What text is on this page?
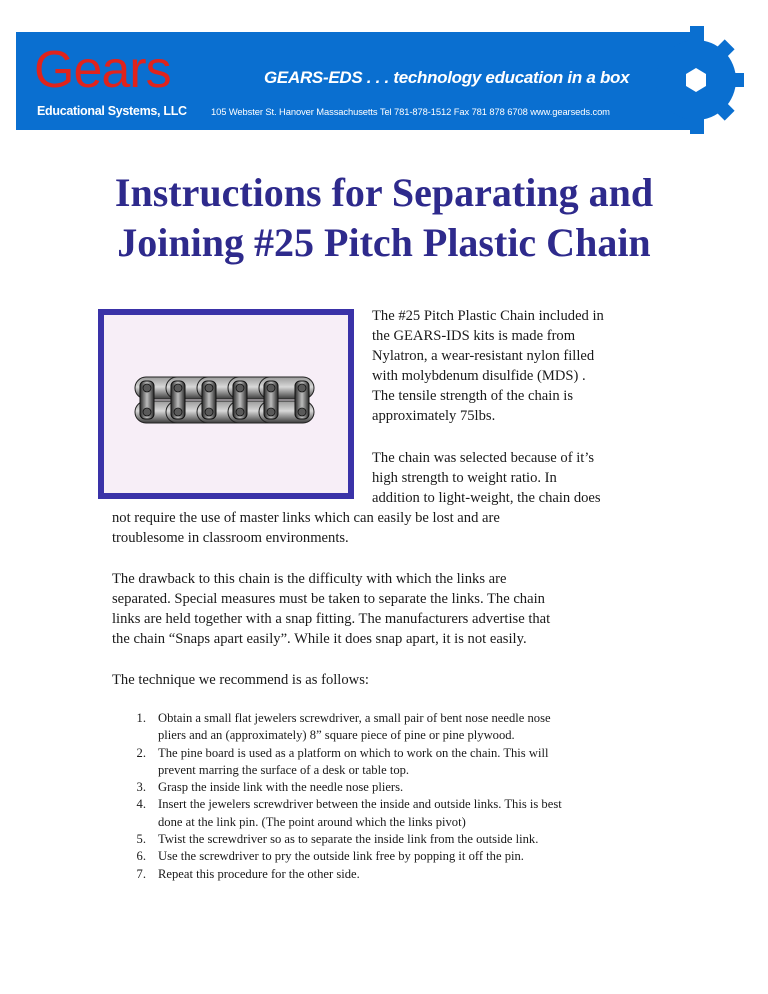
Gears
Educational Systems, LLC
GEARS-EDS . . . technology education in a box
105 Webster St. Hanover Massachusetts Tel 781-878-1512 Fax 781 878 6708 www.gearseds.com
Instructions for Separating and
Joining #25 Pitch Plastic Chain
The #25 Pitch Plastic Chain included in
the GEARS-IDS kits is made from
Nylatron, a wear-resistant nylon filled
with molybdenum disulfide (MDS) .
The tensile strength of the chain is
approximately 75lbs.
The chain was selected because of it’s
high strength to weight ratio. In
addition to light-weight, the chain does
not require the use of master links which can easily be lost and are
troublesome in classroom environments.
The drawback to this chain is the difficulty with which the links are
separated. Special measures must be taken to separate the links. The chain
links are held together with a snap fitting. The manufacturers advertise that
the chain “Snaps apart easily”. While it does snap apart, it is not easily.
The technique we recommend is as follows:
1. Obtain a small flat jewelers screwdriver, a small pair of bent nose needle nose
pliers and an (approximately) 8” square piece of pine or pine plywood.
2. The pine board is used as a platform on which to work on the chain. This will
prevent marring the surface of a desk or table top.
3. Grasp the inside link with the needle nose pliers.
4. Insert the jewelers screwdriver between the inside and outside links. This is best
done at the link pin. (The point around which the links pivot)
5. Twist the screwdriver so as to separate the inside link from the outside link.
6. Use the screwdriver to pry the outside link free by popping it off the pin.
7. Repeat this procedure for the other side.
